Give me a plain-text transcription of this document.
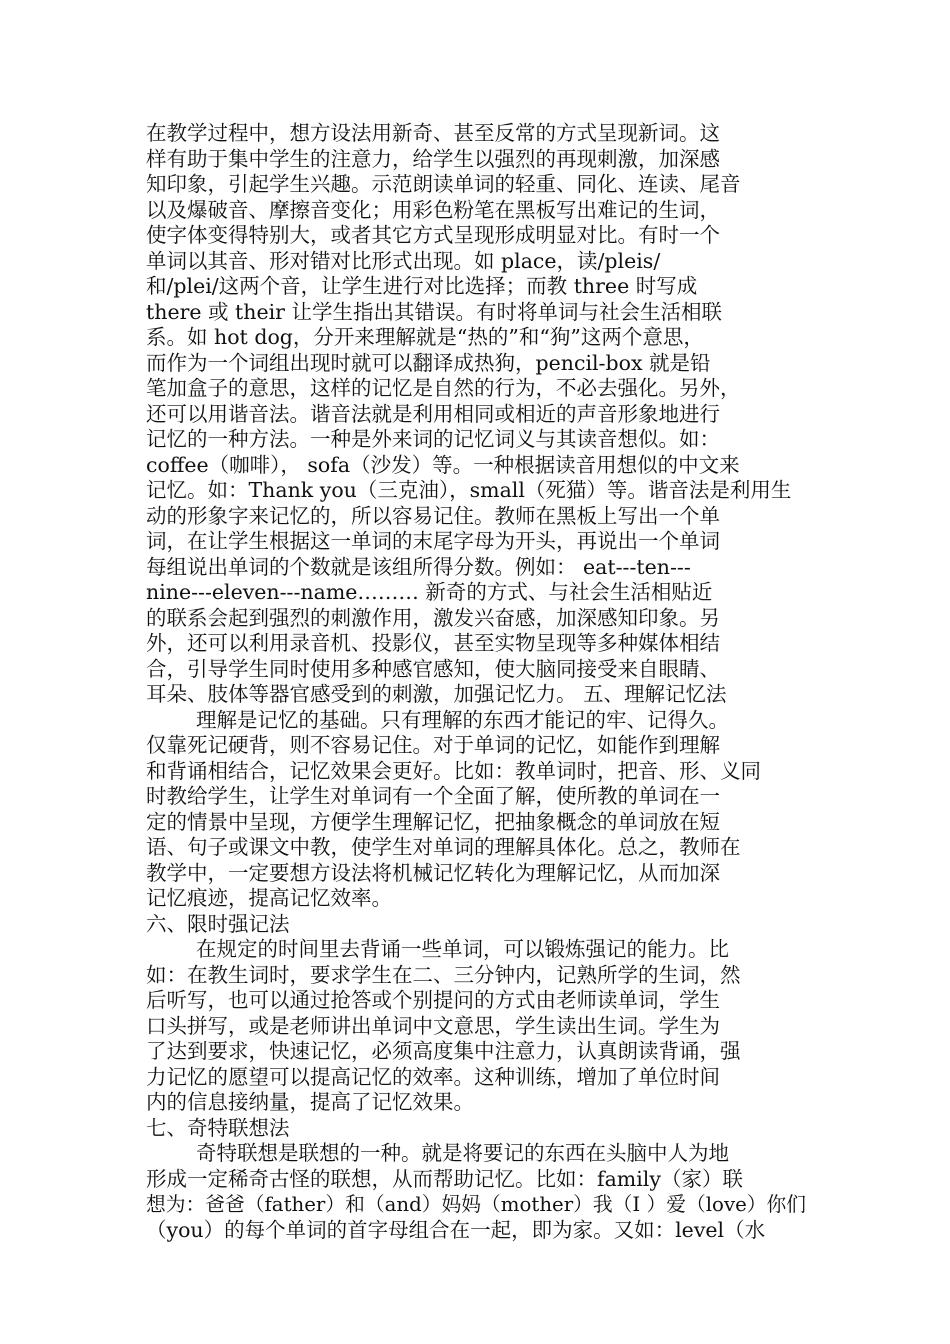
在教学过程中，想方设法用新奇、甚至反常的方式呈现新词。这
样有助于集中学生的注意力，给学生以强烈的再现刺激，加深感
知印象，引起学生兴趣。示范朗读单词的轻重、同化、连读、尾音
以及爆破音、摩擦音变化；用彩色粉笔在黑板写出难记的生词，
使字体变得特别大，或者其它方式呈现形成明显对比。有时一个
单词以其音、形对错对比形式出现。如 place，读/pleis/
和/plei/这两个音，让学生进行对比选择；而教 three 时写成
there 或 their 让学生指出其错误。有时将单词与社会生活相联
系。如 hot dog，分开来理解就是“热的”和“狗”这两个意思，
而作为一个词组出现时就可以翻译成热狗，pencil-box 就是铅
笔加盒子的意思，这样的记忆是自然的行为，不必去强化。另外，
还可以用谐音法。谐音法就是利用相同或相近的声音形象地进行
记忆的一种方法。一种是外来词的记忆词义与其读音想似。如：
coffee（咖啡）， sofa（沙发）等。一种根据读音用想似的中文来
记忆。如：Thank you（三克油），small（死猫）等。谐音法是利用生
动的形象字来记忆的，所以容易记住。教师在黑板上写出一个单
词，在让学生根据这一单词的末尾字母为开头，再说出一个单词
每组说出单词的个数就是该组所得分数。例如： eat---ten---
nine---eleven---name……… 新奇的方式、与社会生活相贴近
的联系会起到强烈的刺激作用，激发兴奋感，加深感知印象。另
外，还可以利用录音机、投影仪，甚至实物呈现等多种媒体相结
合，引导学生同时使用多种感官感知，使大脑同接受来自眼睛、
耳朵、肢体等器官感受到的刺激，加强记忆力。 五、理解记忆法
理解是记忆的基础。只有理解的东西才能记的牢、记得久。
仅靠死记硬背，则不容易记住。对于单词的记忆，如能作到理解
和背诵相结合，记忆效果会更好。比如：教单词时，把音、形、义同
时教给学生，让学生对单词有一个全面了解，使所教的单词在一
定的情景中呈现，方便学生理解记忆，把抽象概念的单词放在短
语、句子或课文中教，使学生对单词的理解具体化。总之，教师在
教学中，一定要想方设法将机械记忆转化为理解记忆，从而加深
记忆痕迹，提高记忆效率。
六、限时强记法
在规定的时间里去背诵一些单词，可以锻炼强记的能力。比
如：在教生词时，要求学生在二、三分钟内，记熟所学的生词，然
后听写，也可以通过抢答或个别提问的方式由老师读单词，学生
口头拼写，或是老师讲出单词中文意思，学生读出生词。学生为
了达到要求，快速记忆，必须高度集中注意力，认真朗读背诵，强
力记忆的愿望可以提高记忆的效率。这种训练，增加了单位时间
内的信息接纳量，提高了记忆效果。
七、奇特联想法
奇特联想是联想的一种。就是将要记的东西在头脑中人为地
形成一定稀奇古怪的联想，从而帮助记忆。比如：family（家）联
想为：爸爸（father）和（and）妈妈（mother）我（I ）爱（love）你们
（you）的每个单词的首字母组合在一起，即为家。又如：level（水
